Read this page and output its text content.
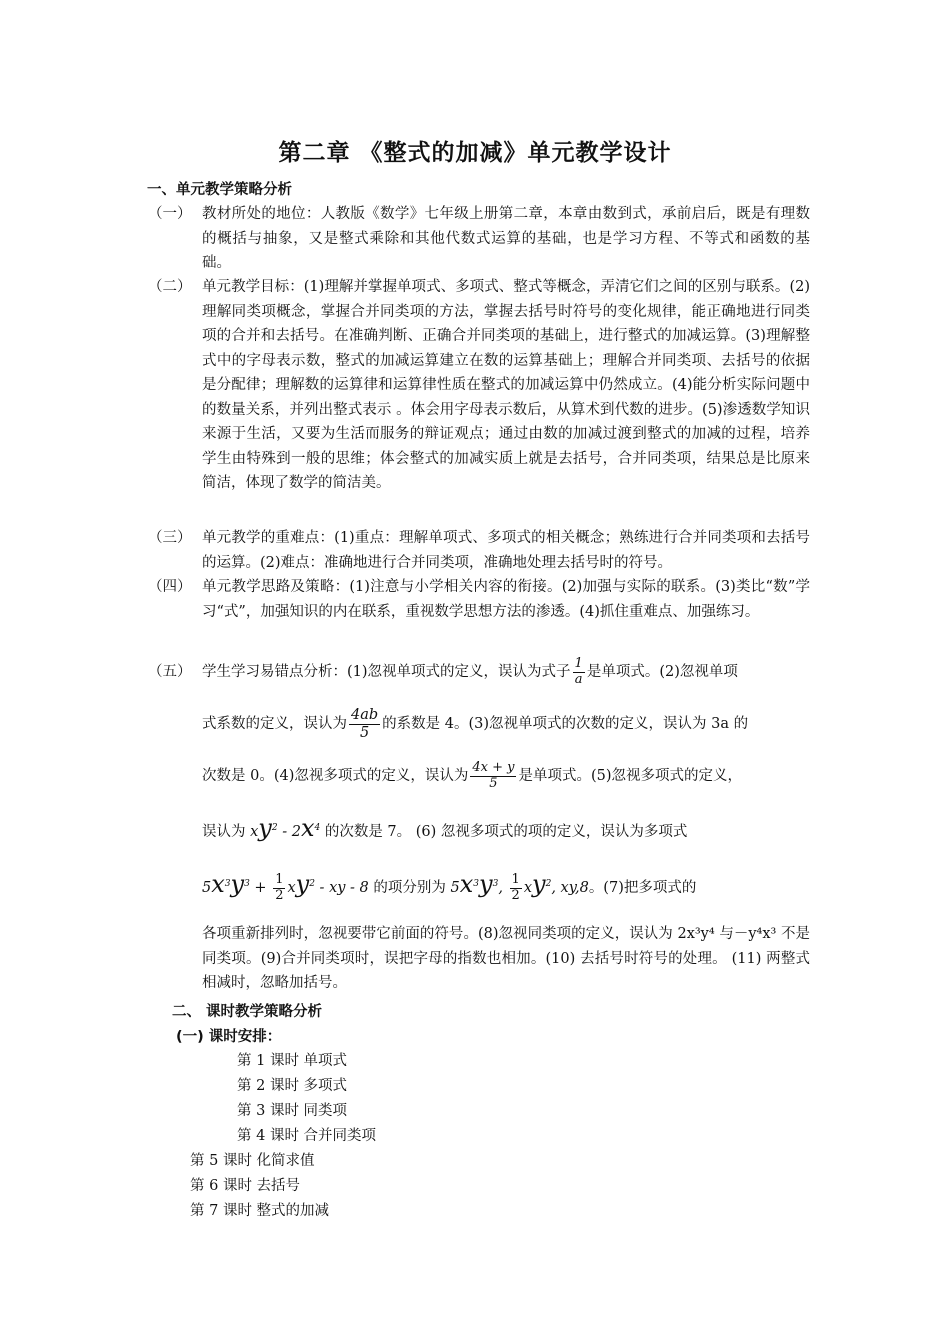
第二章 《整式的加减》单元教学设计
一、单元教学策略分析
（一） 教材所处的地位：人教版《数学》七年级上册第二章，本章由数到式，承前启后，既是有理数的概括与抽象，又是整式乘除和其他代数式运算的基础，也是学习方程、不等式和函数的基础。
（二） 单元教学目标：(1)理解并掌握单项式、多项式、整式等概念，弄清它们之间的区别与联系。(2)理解同类项概念，掌握合并同类项的方法，掌握去括号时符号的变化规律，能正确地进行同类项的合并和去括号。在准确判断、正确合并同类项的基础上，进行整式的加减运算。(3)理解整式中的字母表示数，整式的加减运算建立在数的运算基础上；理解合并同类项、去括号的依据是分配律；理解数的运算律和运算律性质在整式的加减运算中仍然成立。(4)能分析实际问题中的数量关系，并列出整式表示 。体会用字母表示数后，从算术到代数的进步。(5)渗透数学知识来源于生活，又要为生活而服务的辩证观点；通过由数的加减过渡到整式的加减的过程，培养学生由特殊到一般的思维；体会整式的加减实质上就是去括号，合并同类项，结果总是比原来简洁，体现了数学的简洁美。
（三） 单元教学的重难点：(1)重点：理解单项式、多项式的相关概念；熟练进行合并同类项和去括号的运算。(2)难点：准确地进行合并同类项，准确地处理去括号时的符号。
（四） 单元教学思路及策略：(1)注意与小学相关内容的衔接。(2)加强与实际的联系。(3)类比“数”学习“式”，加强知识的内在联系，重视数学思想方法的渗透。(4)抓住重难点、加强练习。
（五） 学生学习易错点分析：(1)忽视单项式的定义，误认为式子 $\frac{1}{a}$ 是单项式。(2)忽视单项
式系数的定义，误认为 $\frac{4ab}{5}$ 的系数是 4。(3)忽视单项式的次数的定义，误认为 3a 的
次数是 0。(4)忽视多项式的定义，误认为 $\frac{4x + y}{5}$ 是单项式。(5)忽视多项式的定义，
误认为 $xy^2 - 2x^4$ 的次数是 7。 (6) 忽视多项式的项的定义，误认为多项式
$5x^3y^3 + \frac{1}{2} xy^2$ - xy - 8 的项分别为 $5x^3y^3$, $\frac{1}{2} xy^2$, xy,8。(7)把多项式的
各项重新排列时，忽视要带它前面的符号。(8)忽视同类项的定义，误认为 2x³y⁴ 与－y⁴x³ 不是同类项。(9)合并同类项时，误把字母的指数也相加。(10) 去括号时符号的处理。 (11) 两整式相减时，忽略加括号。
二、 课时教学策略分析
(一) 课时安排：
第 1 课时 单项式
第 2 课时 多项式
第 3 课时 同类项
第 4 课时 合并同类项
第 5 课时 化简求值
第 6 课时 去括号
第 7 课时 整式的加减
